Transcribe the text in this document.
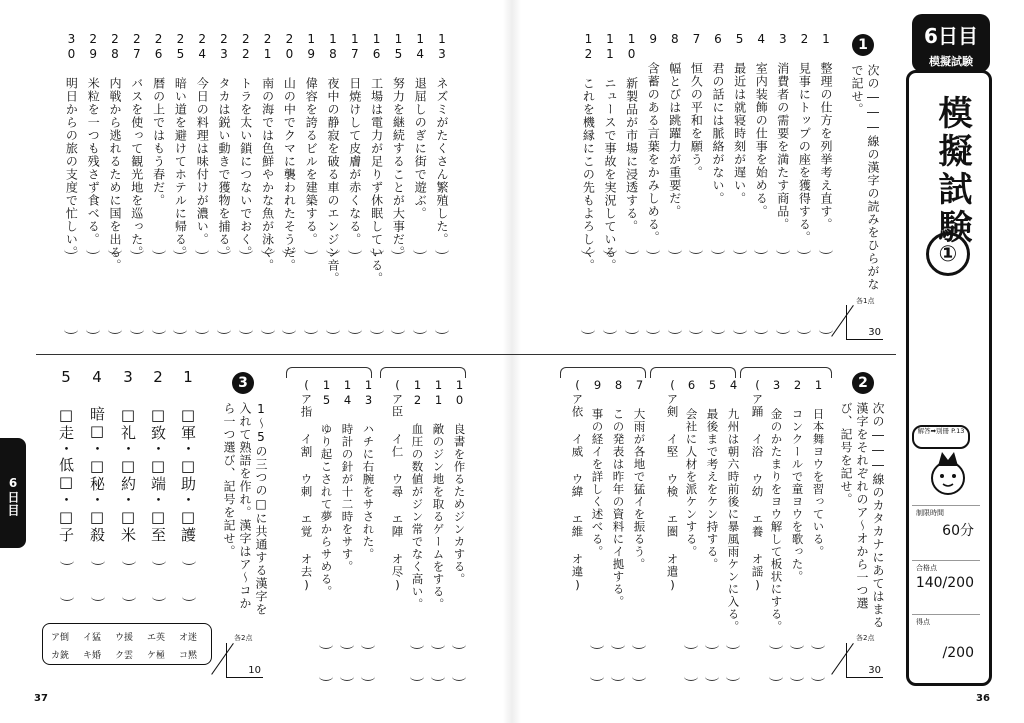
6日目
模擬試験
模擬試験
①
解答➡別冊 P.13
制限時間
60分
合格点
140/200
得点
/200
1
次の―――線の漢字の読みをひらがな
で記せ。
各1点
30
1 整理の仕方を列挙考え直す。
2 見事にトップの座を獲得する。
3 消費者の需要を満たす商品。
4 室内装飾の仕事を始める。
5 最近は就寝時刻が遅い。
6 君の話には脈絡がない。
7 恒久の平和を願う。
8 幅とびは跳躍力が重要だ。
9 含蓄のある言葉をかみしめる。
10 新製品が市場に浸透する。
11 ニュースで事故を実況している。
12 これを機縁にこの先もよろしく。
13 ネズミがたくさん繁殖した。
14 退屈しのぎに街で遊ぶ。
15 努力を継続することが大事だ。
16 工場は電力が足りず休眠している。
17 日焼けして皮膚が赤くなる。
18 夜中の静寂を破る車のエンジン音。
19 偉容を誇るビルを建築する。
20 山の中でクマに襲われたそうだ。
21 南の海では色鮮やかな魚が泳ぐ。
22 トラを太い鎖につないでおく。
23 タカは鋭い動きで獲物を捕る。
24 今日の料理は味付けが濃い。
25 暗い道を避けてホテルに帰る。
26 暦の上ではもう春だ。
27 バスを使って観光地を巡った。
28 内戦から逃れるために国を出る。
29 米粒を一つも残さず食べる。
30 明日からの旅の支度で忙しい。
2
次の―――線のカタカナにあてはまる
漢字をそれぞれのア～オから一つ選
び、記号を記せ。
各2点
30
1 日本舞ヨウを習っている。
2 コンクールで童ヨウを歌った。
3 金のかたまりをヨウ解して板状にする。
(ア踊 イ浴 ウ幼 エ養 オ謡)
4 九州は朝六時前後に暴風雨ケンに入る。
5 最後まで考えをケン持する。
6 会社に人材を派ケンする。
(ア剣 イ堅 ウ検 エ圏 オ遣)
7 大雨が各地で猛イを振るう。
8 この発表は昨年の資料にイ拠する。
9 事の経イを詳しく述べる。
(ア依 イ威 ウ緯 エ維 オ違)
10 良書を作るためジンカする。
11 敵のジン地を取るゲームをする。
12 血圧の数値がジン常でなく高い。
(ア臣 イ仁 ウ尋 エ陣 オ尽)
13 ハチに右腕をサされた。
14 時計の針が十二時をサす。
15 ゆり起こされて夢からサめる。
(ア指 イ割 ウ刺 エ覚 オ去)
3
1～5の三つの□に共通する漢字を
入れて熟語を作れ。漢字はア～コか
ら一つ選び、記号を記せ。
各2点
10
1 □軍・□助・□護
2 □致・□端・□至
3 □礼・□約・□米
4 暗□・□秘・□殺
5 □走・低□・□子
ア倒 イ猛 ウ援 エ英 オ迷
カ銃 キ婚 ク雲 ケ極 コ黙
6日目
37	36
